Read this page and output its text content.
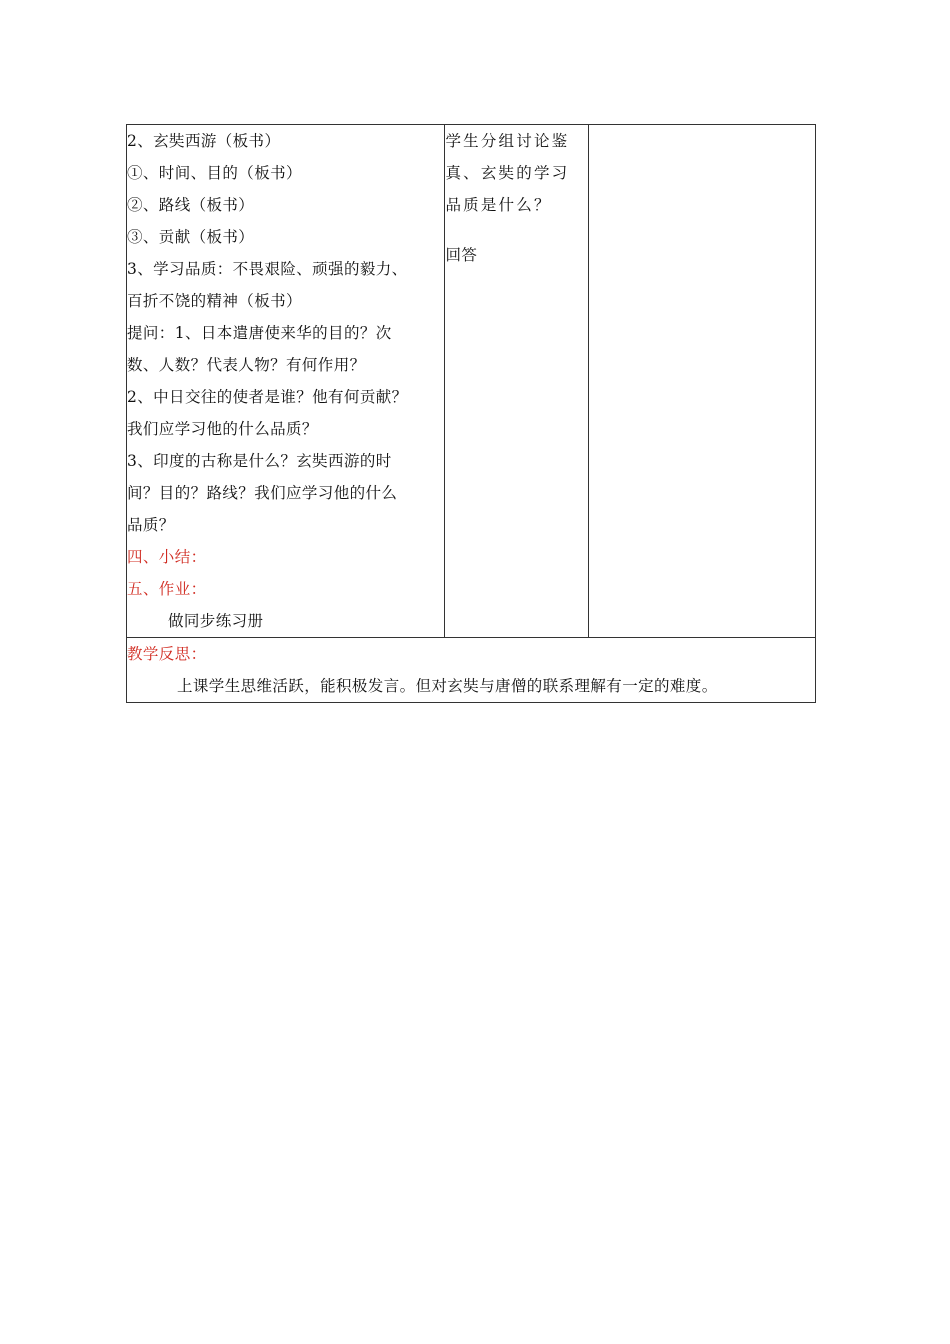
2、玄奘西游（板书）
①、时间、目的（板书）
②、路线（板书）
③、贡献（板书）
3、学习品质：不畏艰险、顽强的毅力、
百折不饶的精神（板书）
提问：1、日本遣唐使来华的目的？次
数、人数？代表人物？有何作用？
2、中日交往的使者是谁？他有何贡献？
我们应学习他的什么品质？
3、印度的古称是什么？玄奘西游的时
间？目的？路线？我们应学习他的什么
品质？
四、小结：
五、作业：
做同步练习册

学生分组讨论鉴
真、玄奘的学习
品质是什么？
回答

教学反思：
上课学生思维活跃，能积极发言。但对玄奘与唐僧的联系理解有一定的难度。
